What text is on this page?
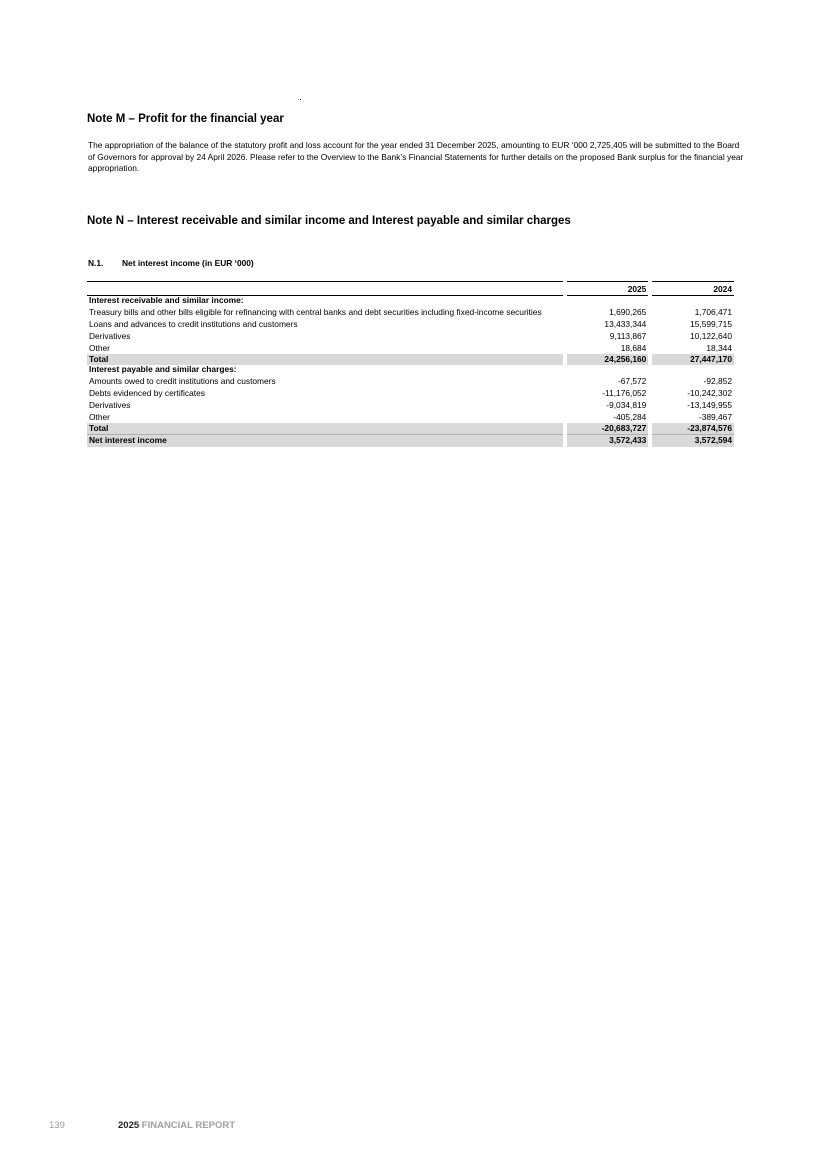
Note M – Profit for the financial year

The appropriation of the balance of the statutory profit and loss account for the year ended 31 December 2025, amounting to EUR ‘000 2,725,405 will be submitted to the Board of Governors for approval by 24 April 2026. Please refer to the Overview to the Bank’s Financial Statements for further details on the proposed Bank surplus for the financial year appropriation.

Note N – Interest receivable and similar income and Interest payable and similar charges
N.1. Net interest income (in EUR ‘000)
		2025		2024
Interest receivable and similar income:				
Treasury bills and other bills eligible for refinancing with central banks and debt securities including fixed-income securities		1,690,265		1,706,471
Loans and advances to credit institutions and customers		13,433,344		15,599,715
Derivatives		9,113,867		10,122,640
Other		18,684		18,344
Total		24,256,160		27,447,170
Interest payable and similar charges:				
Amounts owed to credit institutions and customers		-67,572		-92,852
Debts evidenced by certificates		-11,176,052		-10,242,302
Derivatives		-9,034,819		-13,149,955
Other		-405,284		-389,467
Total		-20,683,727		-23,874,576
Net interest income		3,572,433		3,572,594
139	2025 FINANCIAL REPORT
